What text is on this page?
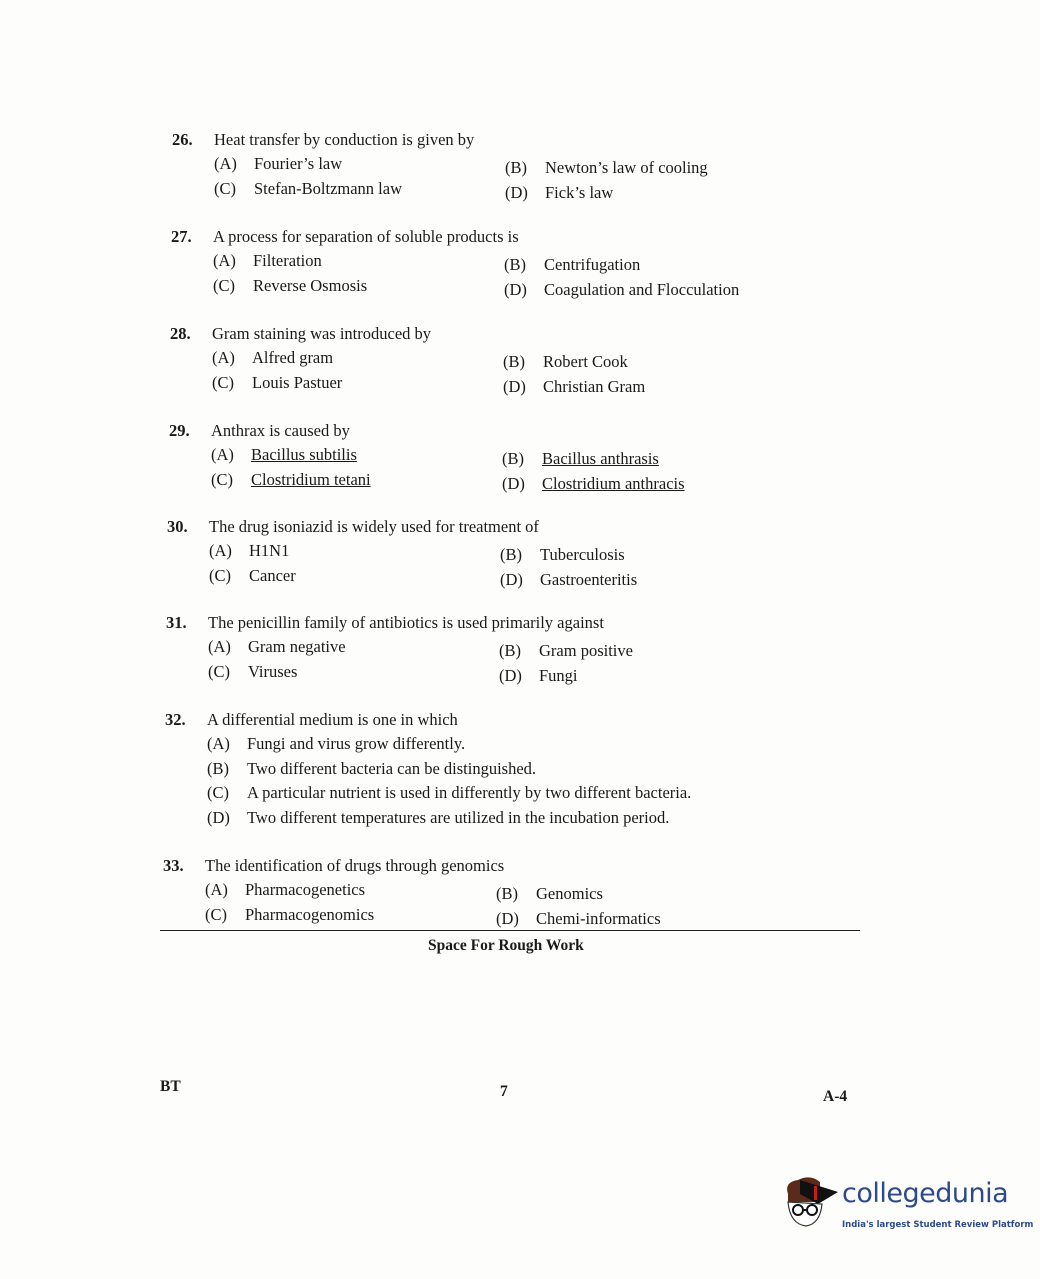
26. Heat transfer by conduction is given by
(A) Fourier’s law	(B) Newton’s law of cooling
(C) Stefan-Boltzmann law	(D) Fick’s law
27. A process for separation of soluble products is
(A) Filteration	(B) Centrifugation
(C) Reverse Osmosis	(D) Coagulation and Flocculation
28. Gram staining was introduced by
(A) Alfred gram	(B) Robert Cook
(C) Louis Pastuer	(D) Christian Gram
29. Anthrax is caused by
(A) Bacillus subtilis	(B) Bacillus anthrasis
(C) Clostridium tetani	(D) Clostridium anthracis
30. The drug isoniazid is widely used for treatment of
(A) H1N1	(B) Tuberculosis
(C) Cancer	(D) Gastroenteritis
31. The penicillin family of antibiotics is used primarily against
(A) Gram negative	(B) Gram positive
(C) Viruses	(D) Fungi
32. A differential medium is one in which
(A) Fungi and virus grow differently.
(B) Two different bacteria can be distinguished.
(C) A particular nutrient is used in differently by two different bacteria.
(D) Two different temperatures are utilized in the incubation period.
33. The identification of drugs through genomics
(A) Pharmacogenetics	(B) Genomics
(C) Pharmacogenomics	(D) Chemi-informatics
Space For Rough Work
BT	7	A-4
collegedunia
India's largest Student Review Platform
